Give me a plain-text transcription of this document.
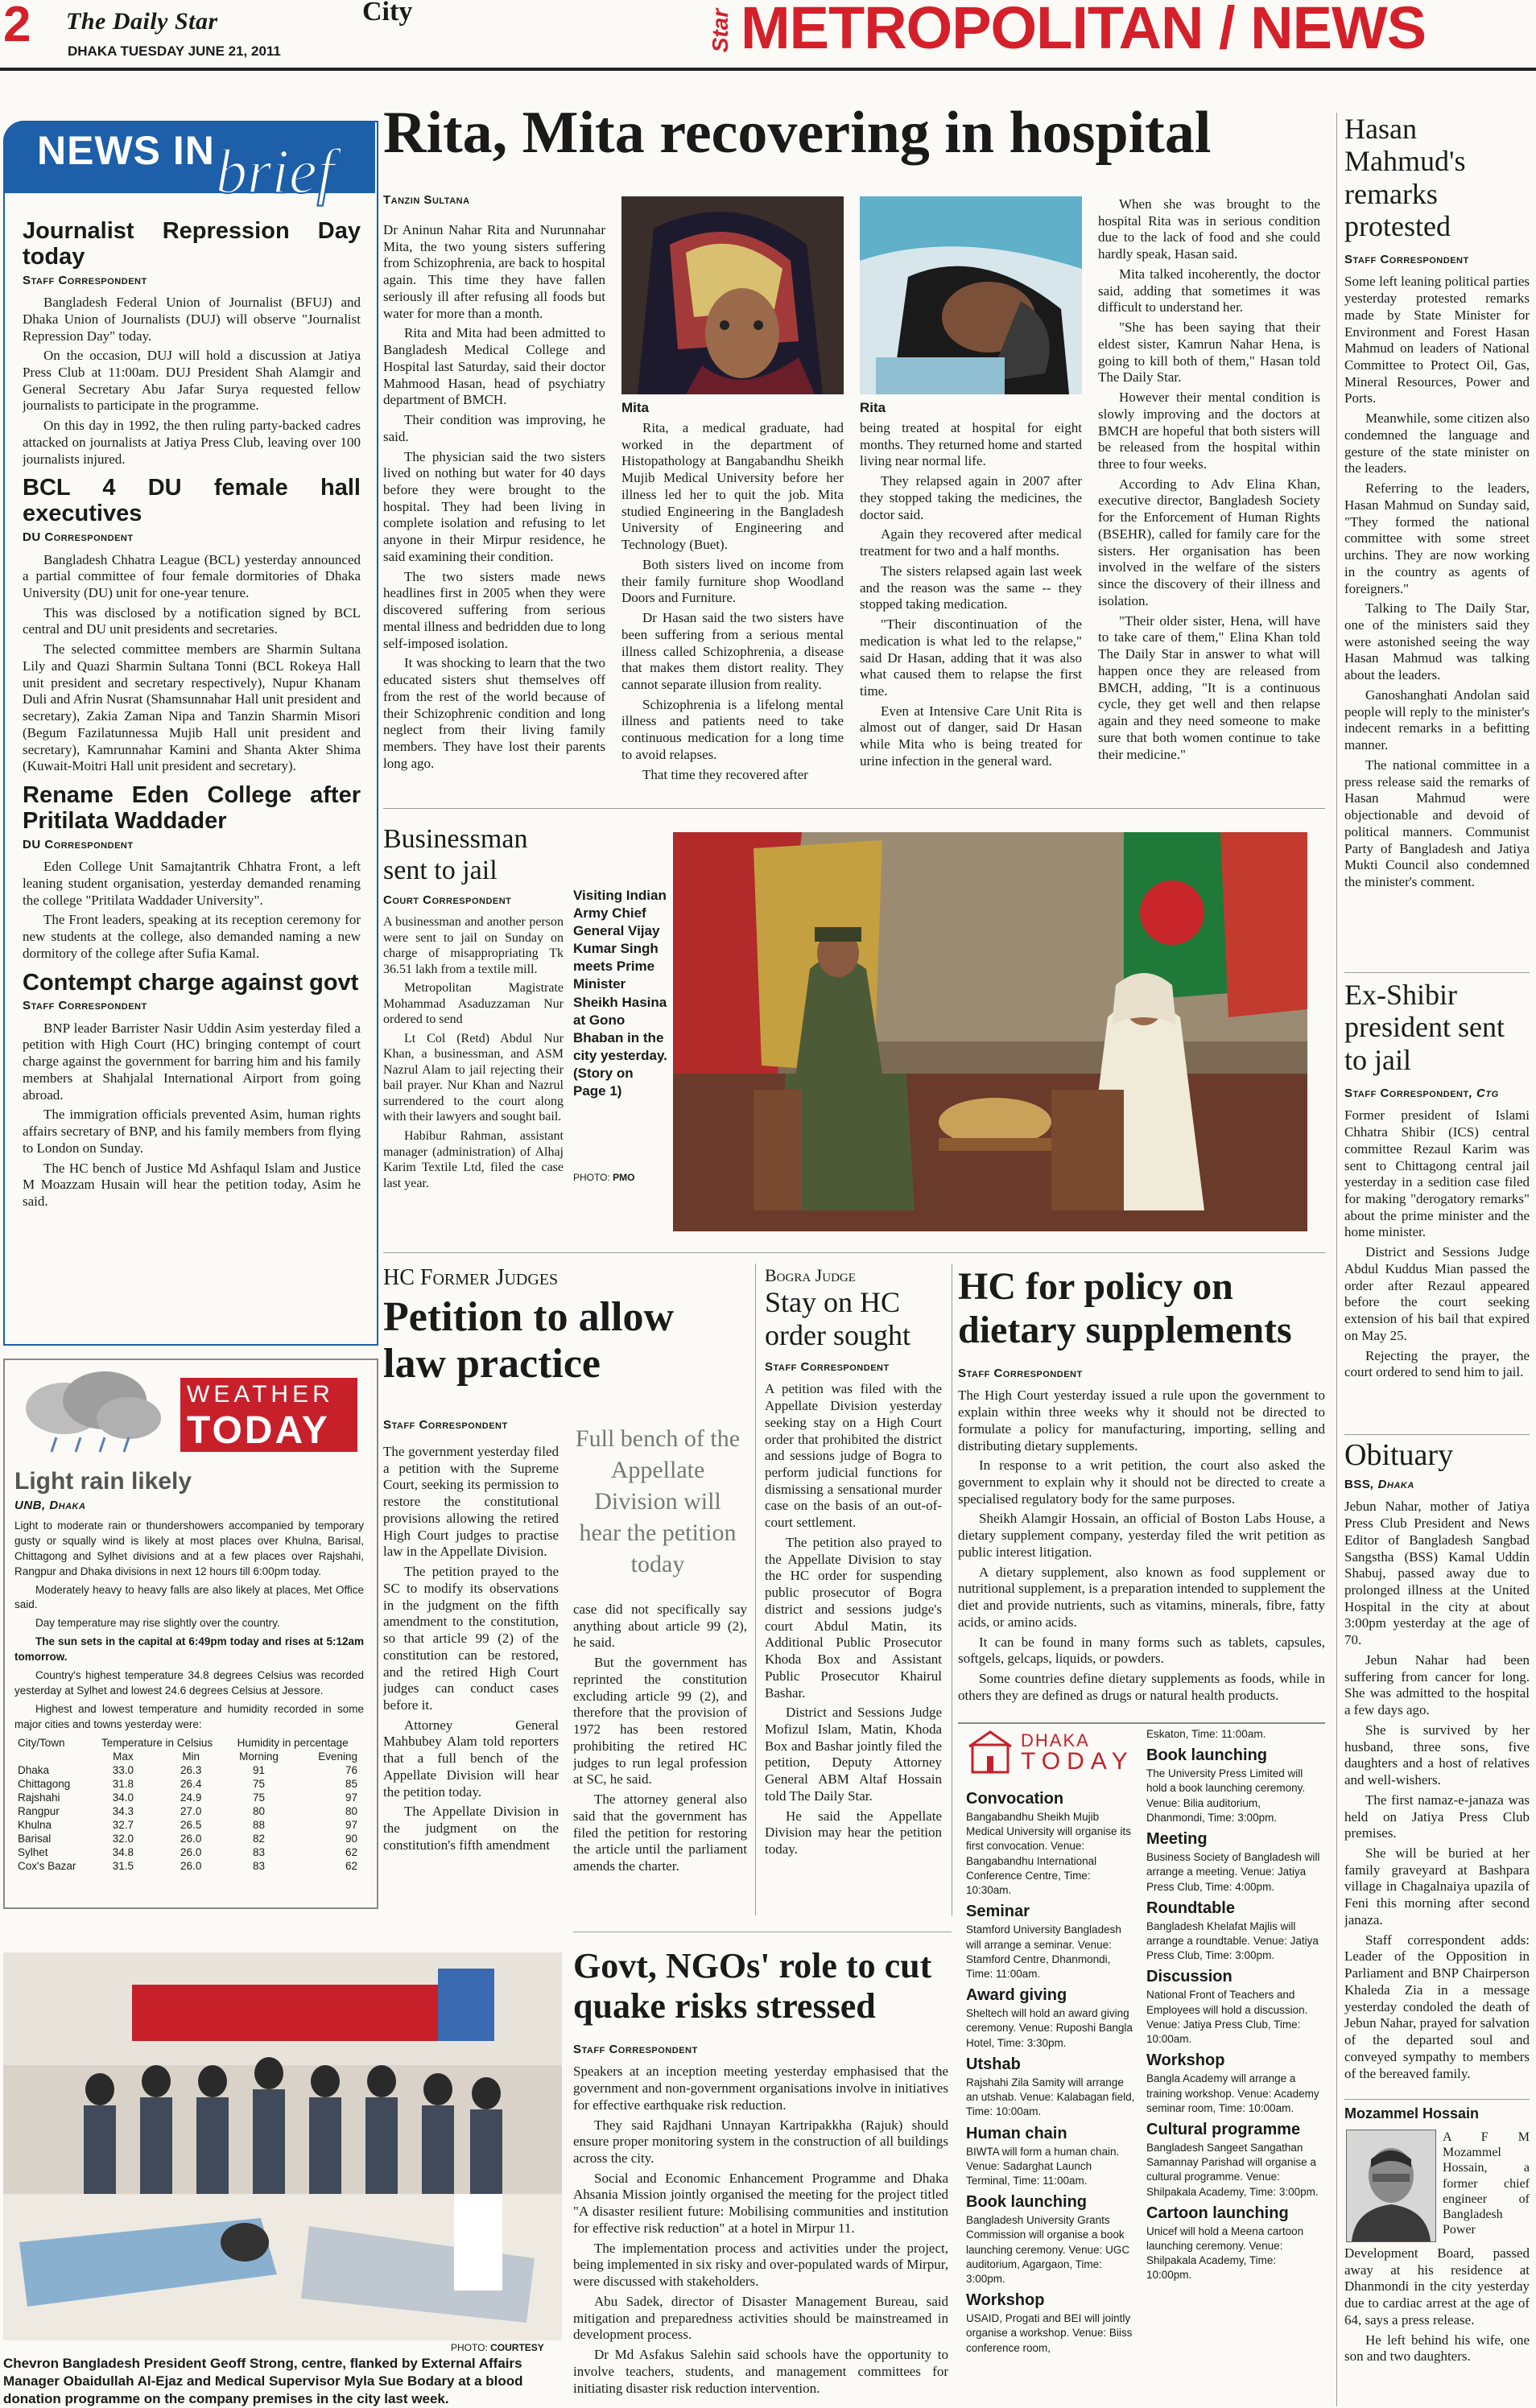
2 The Daily Star
DHAKA TUESDAY JUNE 21, 2011
City	Star METROPOLITAN / NEWS
NEWS IN brief
Journalist Repression Day today
Staff Correspondent

Bangladesh Federal Union of Journalist (BFUJ) and Dhaka Union of Journalists (DUJ) will observe "Journalist Repression Day" today.

On the occasion, DUJ will hold a discussion at Jatiya Press Club at 11:00am. DUJ President Shah Alamgir and General Secretary Abu Jafar Surya requested fellow journalists to participate in the programme.

On this day in 1992, the then ruling party-backed cadres attacked on journalists at Jatiya Press Club, leaving over 100 journalists injured.

BCL 4 DU female hall executives
DU Correspondent

Bangladesh Chhatra League (BCL) yesterday announced a partial committee of four female dormitories of Dhaka University (DU) unit for one-year tenure.

This was disclosed by a notification signed by BCL central and DU unit presidents and secretaries.

The selected committee members are Sharmin Sultana Lily and Quazi Sharmin Sultana Tonni (BCL Rokeya Hall unit president and secretary respectively), Nupur Khanam Duli and Afrin Nusrat (Shamsunnahar Hall unit president and secretary), Zakia Zaman Nipa and Tanzin Sharmin Misori (Begum Fazilatunnessa Mujib Hall unit president and secretary), Kamrunnahar Kamini and Shanta Akter Shima (Kuwait-Moitri Hall unit president and secretary).

Rename Eden College after Pritilata Waddader
DU Correspondent

Eden College Unit Samajtantrik Chhatra Front, a left leaning student organisation, yesterday demanded renaming the college "Pritilata Waddader University".

The Front leaders, speaking at its reception ceremony for new students at the college, also demanded naming a new dormitory of the college after Sufia Kamal.

Contempt charge against govt
Staff Correspondent

BNP leader Barrister Nasir Uddin Asim yesterday filed a petition with High Court (HC) bringing contempt of court charge against the government for barring him and his family members at Shahjalal International Airport from going abroad.

The immigration officials prevented Asim, human rights affairs secretary of BNP, and his family members from flying to London on Sunday.

The HC bench of Justice Md Ashfaqul Islam and Justice M Moazzam Husain will hear the petition today, Asim he said.

WEATHER
TODAY
Light rain likely
UNB, Dhaka

Light to moderate rain or thundershowers accompanied by temporary gusty or squally wind is likely at most places over Khulna, Barisal, Chittagong and Sylhet divisions and at a few places over Rajshahi, Rangpur and Dhaka divisions in next 12 hours till 6:00pm today.

Moderately heavy to heavy falls are also likely at places, Met Office said.

Day temperature may rise slightly over the country.

The sun sets in the capital at 6:49pm today and rises at 5:12am tomorrow.

Country's highest temperature 34.8 degrees Celsius was recorded yesterday at Sylhet and lowest 24.6 degrees Celsius at Jessore.

Highest and lowest temperature and humidity recorded in some major cities and towns yesterday were:

City/Town	Temperature in Celsius		Humidity in percentage	
	Max	Min	Morning	Evening
Dhaka	33.0	26.3	91	76
Chittagong	31.8	26.4	75	85
Rajshahi	34.0	24.9	75	97
Rangpur	34.3	27.0	80	80
Khulna	32.7	26.5	88	97
Barisal	32.0	26.0	82	90
Sylhet	34.8	26.0	83	62
Cox's Bazar	31.5	26.0	83	62
Rita, Mita recovering in hospital
Tanzin Sultana

Dr Aninun Nahar Rita and Nurunnahar Mita, the two young sisters suffering from Schizophrenia, are back to hospital again. This time they have fallen seriously ill after refusing all foods but water for more than a month.

Rita and Mita had been admitted to Bangladesh Medical College and Hospital last Saturday, said their doctor Mahmood Hasan, head of psychiatry department of BMCH.

Their condition was improving, he said.

The physician said the two sisters lived on nothing but water for 40 days before they were brought to the hospital. They had been living in complete isolation and refusing to let anyone in their Mirpur residence, he said examining their condition.

The two sisters made news headlines first in 2005 when they were discovered suffering from serious mental illness and bedridden due to long self-imposed isolation.

It was shocking to learn that the two educated sisters shut themselves off from the rest of the world because of their Schizophrenic condition and long neglect from their living family members. They have lost their parents long ago.

Mita	Rita

Rita, a medical graduate, had worked in the department of Histopathology at Bangabandhu Sheikh Mujib Medical University before her illness led her to quit the job. Mita studied Engineering in the Bangladesh University of Engineering and Technology (Buet).

Both sisters lived on income from their family furniture shop Woodland Doors and Furniture.

Dr Hasan said the two sisters have been suffering from a serious mental illness called Schizophrenia, a disease that makes them distort reality. They cannot separate illusion from reality.

Schizophrenia is a lifelong mental illness and patients need to take continuous medication for a long time to avoid relapses.

That time they recovered after

being treated at hospital for eight months. They returned home and started living near normal life.

They relapsed again in 2007 after they stopped taking the medicines, the doctor said.

Again they recovered after medical treatment for two and a half months.

The sisters relapsed again last week and the reason was the same -- they stopped taking medication.

"Their discontinuation of the medication is what led to the relapse," said Dr Hasan, adding that it was also what caused them to relapse the first time.

Even at Intensive Care Unit Rita is almost out of danger, said Dr Hasan while Mita who is being treated for urine infection in the general ward.

When she was brought to the hospital Rita was in serious condition due to the lack of food and she could hardly speak, Hasan said.

Mita talked incoherently, the doctor said, adding that sometimes it was difficult to understand her.

"She has been saying that their eldest sister, Kamrun Nahar Hena, is going to kill both of them," Hasan told The Daily Star.

However their mental condition is slowly improving and the doctors at BMCH are hopeful that both sisters will be released from the hospital within three to four weeks.

According to Adv Elina Khan, executive director, Bangladesh Society for the Enforcement of Human Rights (BSEHR), called for family care for the sisters. Her organisation has been involved in the welfare of the sisters since the discovery of their illness and isolation.

"Their older sister, Hena, will have to take care of them," Elina Khan told The Daily Star in answer to what will happen once they are released from BMCH, adding, "It is a continuous cycle, they get well and then relapse again and they need someone to make sure that both women continue to take their medicine."

Hasan Mahmud's remarks protested
Staff Correspondent

Some left leaning political parties yesterday protested remarks made by State Minister for Environment and Forest Hasan Mahmud on leaders of National Committee to Protect Oil, Gas, Mineral Resources, Power and Ports.

Meanwhile, some citizen also condemned the language and gesture of the state minister on the leaders.

Referring to the leaders, Hasan Mahmud on Sunday said, "They formed the national committee with some street urchins. They are now working in the country as agents of foreigners."

Talking to The Daily Star, one of the ministers said they were astonished seeing the way Hasan Mahmud was talking about the leaders.

Ganoshanghati Andolan said people will reply to the minister's indecent remarks in a befitting manner.

The national committee in a press release said the remarks of Hasan Mahmud were objectionable and devoid of political manners. Communist Party of Bangladesh and Jatiya Mukti Council also condemned the minister's comment.

Ex-Shibir president sent to jail
Staff Correspondent, Ctg

Former president of Islami Chhatra Shibir (ICS) central committee Rezaul Karim was sent to Chittagong central jail yesterday in a sedition case filed for making "derogatory remarks" about the prime minister and the home minister.

District and Sessions Judge Abdul Kuddus Mian passed the order after Rezaul appeared before the court seeking extension of his bail that expired on May 25.

Rejecting the prayer, the court ordered to send him to jail.

Obituary
BSS, Dhaka

Jebun Nahar, mother of Jatiya Press Club President and News Editor of Bangladesh Sangbad Sangstha (BSS) Kamal Uddin Shabuj, passed away due to prolonged illness at the United Hospital in the city at about 3:00pm yesterday at the age of 70.

Jebun Nahar had been suffering from cancer for long. She was admitted to the hospital a few days ago.

She is survived by her husband, three sons, five daughters and a host of relatives and well-wishers.

The first namaz-e-janaza was held on Jatiya Press Club premises.

She will be buried at her family graveyard at Bashpara village in Chagalnaiya upazila of Feni this morning after second janaza.

Staff correspondent adds: Leader of the Opposition in Parliament and BNP Chairperson Khaleda Zia in a message yesterday condoled the death of Jebun Nahar, prayed for salvation of the departed soul and conveyed sympathy to members of the bereaved family.

Mozammel Hossain
A F M Mozammel Hossain, a former chief engineer of Bangladesh Power

Development Board, passed away at his residence at Dhanmondi in the city yesterday due to cardiac arrest at the age of 64, says a press release.

He left behind his wife, one son and two daughters.

Businessman sent to jail
Court Correspondent

A businessman and another person were sent to jail on Sunday on charge of misappropriating Tk 36.51 lakh from a textile mill.

Metropolitan Magistrate Mohammad Asaduzzaman Nur ordered to send

Lt Col (Retd) Abdul Nur Khan, a businessman, and ASM Nazrul Alam to jail rejecting their bail prayer. Nur Khan and Nazrul surrendered to the court along with their lawyers and sought bail.

Habibur Rahman, assistant manager (administration) of Alhaj Karim Textile Ltd, filed the case last year.

Visiting Indian Army Chief General Vijay Kumar Singh meets Prime Minister Sheikh Hasina at Gono Bhaban in the city yesterday. (Story on Page 1)
PHOTO: PMO
HC Former Judges
Petition to allow law practice
Staff Correspondent

The government yesterday filed a petition with the Supreme Court, seeking its permission to restore the constitutional provisions allowing the retired High Court judges to practise law in the Appellate Division.

The petition prayed to the SC to modify its observations in the judgment on the fifth amendment to the constitution, so that article 99 (2) of the constitution can be restored, and the retired High Court judges can conduct cases before it.

Attorney General Mahbubey Alam told reporters that a full bench of the Appellate Division will hear the petition today.

The Appellate Division in the judgment on the constitution's fifth amendment

Full bench of the Appellate Division will hear the petition today

case did not specifically say anything about article 99 (2), he said.

But the government has reprinted the constitution excluding article 99 (2), and therefore that the provision of 1972 has been restored prohibiting the retired HC judges to run legal profession at SC, he said.

The attorney general also said that the government has filed the petition for restoring the article until the parliament amends the charter.

Bogra Judge
Stay on HC order sought
Staff Correspondent

A petition was filed with the Appellate Division yesterday seeking stay on a High Court order that prohibited the district and sessions judge of Bogra to perform judicial functions for dismissing a sensational murder case on the basis of an out-of-court settlement.

The petition also prayed to the Appellate Division to stay the HC order for suspending public prosecutor of Bogra district and sessions judge's court Abdul Matin, its Additional Public Prosecutor Khoda Box and Assistant Public Prosecutor Khairul Bashar.

District and Sessions Judge Mofizul Islam, Matin, Khoda Box and Bashar jointly filed the petition, Deputy Attorney General ABM Altaf Hossain told The Daily Star.

He said the Appellate Division may hear the petition today.

HC for policy on dietary supplements
Staff Correspondent

The High Court yesterday issued a rule upon the government to explain within three weeks why it should not be directed to formulate a policy for manufacturing, importing, selling and distributing dietary supplements.

In response to a writ petition, the court also asked the government to explain why it should not be directed to create a specialised regulatory body for the same purposes.

Sheikh Alamgir Hossain, an official of Boston Labs House, a dietary supplement company, yesterday filed the writ petition as public interest litigation.

A dietary supplement, also known as food supplement or nutritional supplement, is a preparation intended to supplement the diet and provide nutrients, such as vitamins, minerals, fibre, fatty acids, or amino acids.

It can be found in many forms such as tablets, capsules, softgels, gelcaps, liquids, or powders.

Some countries define dietary supplements as foods, while in others they are defined as drugs or natural health products.

DHAKA
TODAY
Convocation

Bangabandhu Sheikh Mujib Medical University will organise its first convocation. Venue: Bangabandhu International Conference Centre, Time: 10:30am.

Seminar

Stamford University Bangladesh will arrange a seminar. Venue: Stamford Centre, Dhanmondi, Time: 11:00am.

Award giving

Sheltech will hold an award giving ceremony. Venue: Ruposhi Bangla Hotel, Time: 3:30pm.

Utshab

Rajshahi Zila Samity will arrange an utshab. Venue: Kalabagan field, Time: 10:00am.

Human chain

BIWTA will form a human chain. Venue: Sadarghat Launch Terminal, Time: 11:00am.

Book launching

Bangladesh University Grants Commission will organise a book launching ceremony. Venue: UGC auditorium, Agargaon, Time: 3:00pm.

Workshop

USAID, Progati and BEI will jointly organise a workshop. Venue: Biiss conference room,

Eskaton, Time: 11:00am.

Book launching

The University Press Limited will hold a book launching ceremony. Venue: Bilia auditorium, Dhanmondi, Time: 3:00pm.

Meeting

Business Society of Bangladesh will arrange a meeting. Venue: Jatiya Press Club, Time: 4:00pm.

Roundtable

Bangladesh Khelafat Majlis will arrange a roundtable. Venue: Jatiya Press Club, Time: 3:00pm.

Discussion

National Front of Teachers and Employees will hold a discussion. Venue: Jatiya Press Club, Time: 10:00am.

Workshop

Bangla Academy will arrange a training workshop. Venue: Academy seminar room, Time: 10:00am.

Cultural programme

Bangladesh Sangeet Sangathan Samannay Parishad will organise a cultural programme. Venue: Shilpakala Academy, Time: 3:00pm.

Cartoon launching

Unicef will hold a Meena cartoon launching ceremony. Venue: Shilpakala Academy, Time: 10:00pm.

PHOTO: COURTESY
Chevron Bangladesh President Geoff Strong, centre, flanked by External Affairs Manager Obaidullah Al-Ejaz and Medical Supervisor Myla Sue Bodary at a blood donation programme on the company premises in the city last week.
Govt, NGOs' role to cut quake risks stressed
Staff Correspondent

Speakers at an inception meeting yesterday emphasised that the government and non-government organisations involve in initiatives for effective earthquake risk reduction.

They said Rajdhani Unnayan Kartripakkha (Rajuk) should ensure proper monitoring system in the construction of all buildings across the city.

Social and Economic Enhancement Programme and Dhaka Ahsania Mission jointly organised the meeting for the project titled "A disaster resilient future: Mobilising communities and institution for effective risk reduction" at a hotel in Mirpur 11.

The implementation process and activities under the project, being implemented in six risky and over-populated wards of Mirpur, were discussed with stakeholders.

Abu Sadek, director of Disaster Management Bureau, said mitigation and preparedness activities should be mainstreamed in development process.

Dr Md Asfakus Salehin said schools have the opportunity to involve teachers, students, and management committees for initiating disaster risk reduction intervention.
